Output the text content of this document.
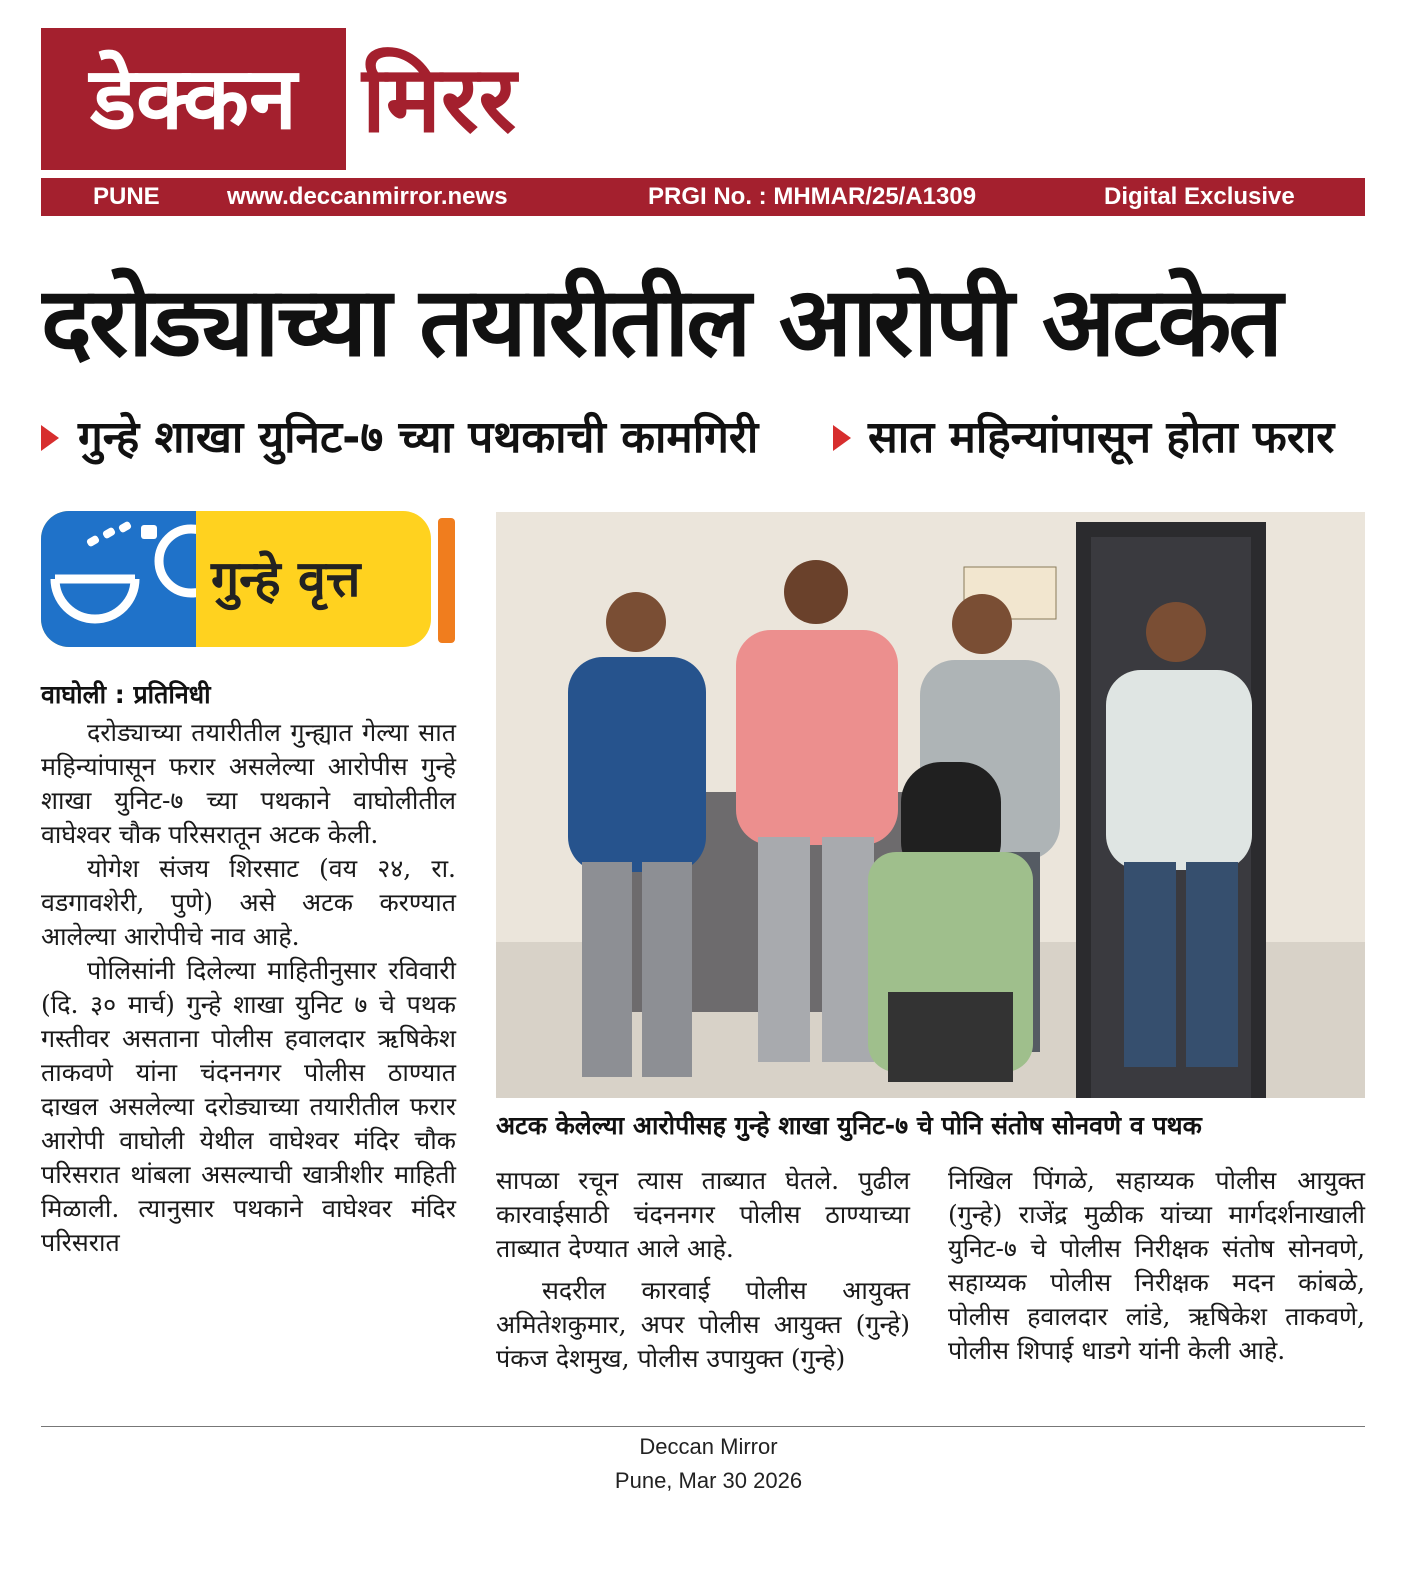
डेक्कन मिरर
PUNE	www.deccanmirror.news	PRGI No. : MHMAR/25/A1309	Digital Exclusive
दरोड्याच्या तयारीतील आरोपी अटकेत
गुन्हे शाखा युनिट-७ च्या पथकाची कामगिरी	सात महिन्यांपासून होता फरार
गुन्हे वृत्त
वाघोली : प्रतिनिधी

दरोड्याच्या तयारीतील गुन्ह्यात गेल्या सात महिन्यांपासून फरार असलेल्या आरोपीस गुन्हे शाखा युनिट-७ च्या पथकाने वाघोलीतील वाघेश्वर चौक परिसरातून अटक केली.

योगेश संजय शिरसाट (वय २४, रा. वडगावशेरी, पुणे) असे अटक करण्यात आलेल्या आरोपीचे नाव आहे.

पोलिसांनी दिलेल्या माहितीनुसार रविवारी (दि. ३० मार्च) गुन्हे शाखा युनिट ७ चे पथक गस्तीवर असताना पोलीस हवालदार ऋषिकेश ताकवणे यांना चंदननगर पोलीस ठाण्यात दाखल असलेल्या दरोड्याच्या तयारीतील फरार आरोपी वाघोली येथील वाघेश्वर मंदिर चौक परिसरात थांबला असल्याची खात्रीशीर माहिती मिळाली. त्यानुसार पथकाने वाघेश्वर मंदिर परिसरात

अटक केलेल्या आरोपीसह गुन्हे शाखा युनिट-७ चे पोनि संतोष सोनवणे व पथक

सापळा रचून त्यास ताब्यात घेतले. पुढील कारवाईसाठी चंदननगर पोलीस ठाण्याच्या ताब्यात देण्यात आले आहे.

सदरील कारवाई पोलीस आयुक्त अमितेशकुमार, अपर पोलीस आयुक्त (गुन्हे) पंकज देशमुख, पोलीस उपायुक्त (गुन्हे)

निखिल पिंगळे, सहाय्यक पोलीस आयुक्त (गुन्हे) राजेंद्र मुळीक यांच्या मार्गदर्शनाखाली युनिट-७ चे पोलीस निरीक्षक संतोष सोनवणे, सहाय्यक पोलीस निरीक्षक मदन कांबळे, पोलीस हवालदार लांडे, ऋषिकेश ताकवणे, पोलीस शिपाई धाडगे यांनी केली आहे.

Deccan Mirror
Pune, Mar 30 2026
